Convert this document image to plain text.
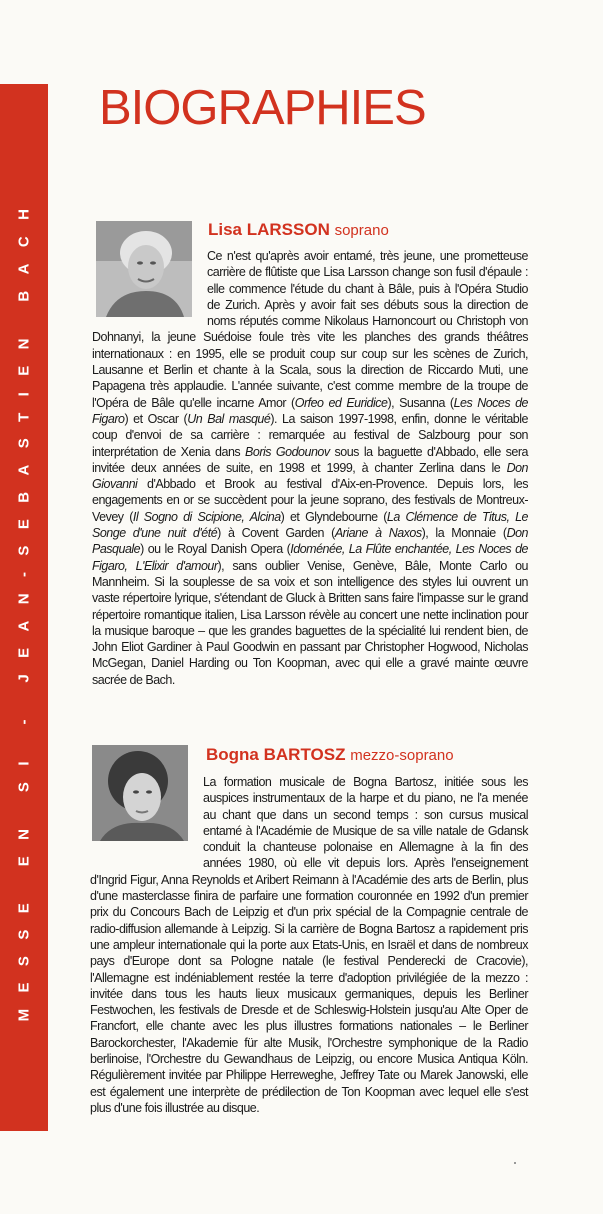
MESSE EN SI - JEAN-SEBASTIEN BACH
BIOGRAPHIES
Lisa LARSSON soprano

Ce n'est qu'après avoir entamé, très jeune, une prometteuse carrière de flûtiste que Lisa Larsson change son fusil d'épaule : elle commence l'étude du chant à Bâle, puis à l'Opéra Studio de Zurich. Après y avoir fait ses débuts sous la direction de noms réputés comme Nikolaus Harnoncourt ou Christoph von Dohnanyi, la jeune Suédoise foule très vite les planches des grands théâtres internationaux : en 1995, elle se produit coup sur coup sur les scènes de Zurich, Lausanne et Berlin et chante à la Scala, sous la direction de Riccardo Muti, une Papagena très applaudie. L'année suivante, c'est comme membre de la troupe de l'Opéra de Bâle qu'elle incarne Amor (Orfeo ed Euridice), Susanna (Les Noces de Figaro) et Oscar (Un Bal masqué). La saison 1997-1998, enfin, donne le véritable coup d'envoi de sa carrière : remarquée au festival de Salzbourg pour son interprétation de Xenia dans Boris Godounov sous la baguette d'Abbado, elle sera invitée deux années de suite, en 1998 et 1999, à chanter Zerlina dans le Don Giovanni d'Abbado et Brook au festival d'Aix-en-Provence. Depuis lors, les engagements en or se succèdent pour la jeune soprano, des festivals de Montreux-Vevey (Il Sogno di Scipione, Alcina) et Glyndebourne (La Clémence de Titus, Le Songe d'une nuit d'été) à Covent Garden (Ariane à Naxos), la Monnaie (Don Pasquale) ou le Royal Danish Opera (Idoménée, La Flûte enchantée, Les Noces de Figaro, L'Elixir d'amour), sans oublier Venise, Genève, Bâle, Monte Carlo ou Mannheim. Si la souplesse de sa voix et son intelligence des styles lui ouvrent un vaste répertoire lyrique, s'étendant de Gluck à Britten sans faire l'impasse sur le grand répertoire romantique italien, Lisa Larsson révèle au concert une nette inclination pour la musique baroque – que les grandes baguettes de la spécialité lui rendent bien, de John Eliot Gardiner à Paul Goodwin en passant par Christopher Hogwood, Nicholas McGegan, Daniel Harding ou Ton Koopman, avec qui elle a gravé mainte œuvre sacrée de Bach.

Bogna BARTOSZ mezzo-soprano

La formation musicale de Bogna Bartosz, initiée sous les auspices instrumentaux de la harpe et du piano, ne l'a menée au chant que dans un second temps : son cursus musical entamé à l'Académie de Musique de sa ville natale de Gdansk conduit la chanteuse polonaise en Allemagne à la fin des années 1980, où elle vit depuis lors. Après l'enseignement d'Ingrid Figur, Anna Reynolds et Aribert Reimann à l'Académie des arts de Berlin, plus d'une masterclasse finira de parfaire une formation couronnée en 1992 d'un premier prix du Concours Bach de Leipzig et d'un prix spécial de la Compagnie centrale de radio-diffusion allemande à Leipzig. Si la carrière de Bogna Bartosz a rapidement pris une ampleur internationale qui la porte aux Etats-Unis, en Israël et dans de nombreux pays d'Europe dont sa Pologne natale (le festival Penderecki de Cracovie), l'Allemagne est indéniablement restée la terre d'adoption privilégiée de la mezzo : invitée dans tous les hauts lieux musicaux germaniques, depuis les Berliner Festwochen, les festivals de Dresde et de Schleswig-Holstein jusqu'au Alte Oper de Francfort, elle chante avec les plus illustres formations nationales – le Berliner Barockorchester, l'Akademie für alte Musik, l'Orchestre symphonique de la Radio berlinoise, l'Orchestre du Gewandhaus de Leipzig, ou encore Musica Antiqua Köln. Régulièrement invitée par Philippe Herreweghe, Jeffrey Tate ou Marek Janowski, elle est également une interprète de prédilection de Ton Koopman avec lequel elle s'est plus d'une fois illustrée au disque.
